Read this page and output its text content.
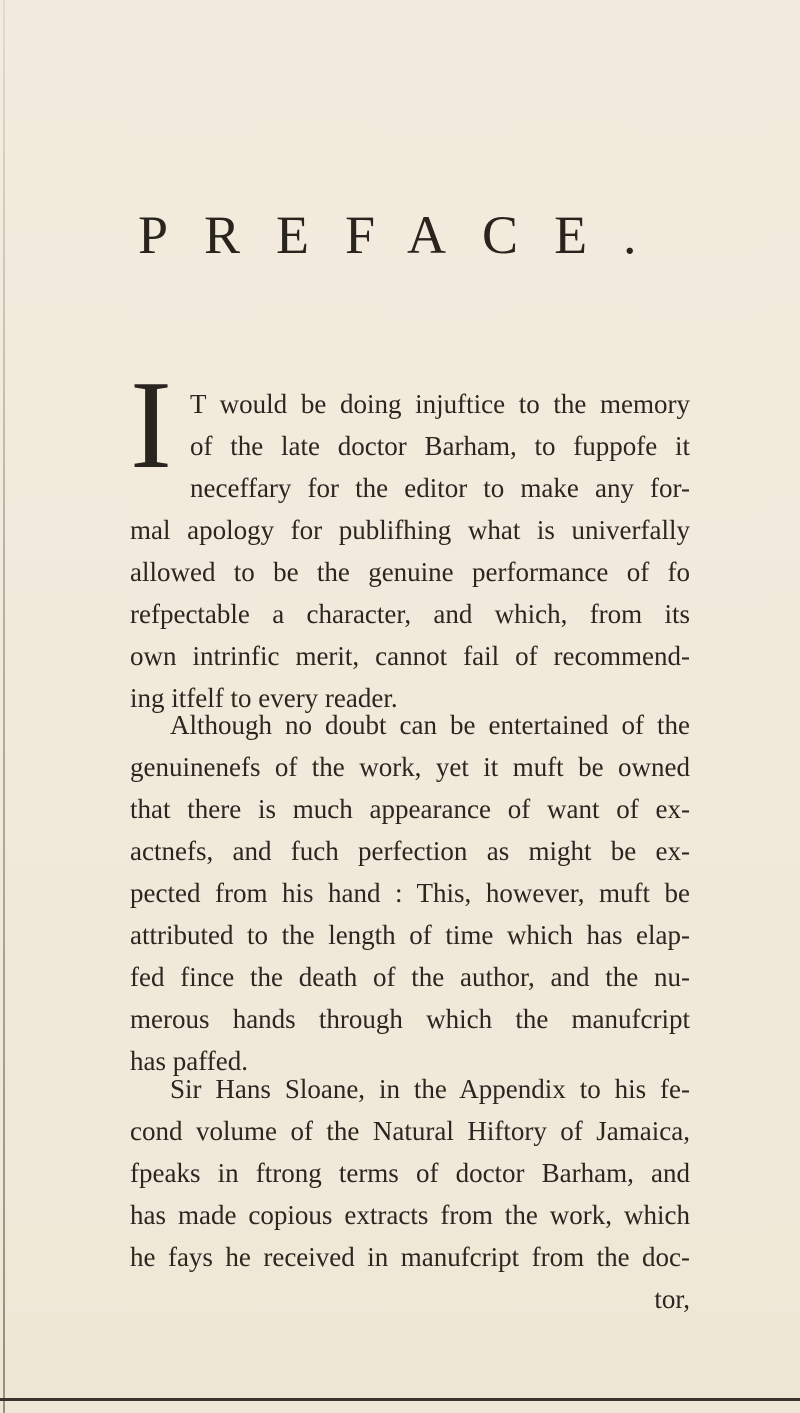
PREFACE.
I T would be doing injuftice to the memory
of the late doctor Barham, to fuppofe it
neceffary for the editor to make any for-
mal apology for publifhing what is univerfally
allowed to be the genuine performance of fo
refpectable a character, and which, from its
own intrinfic merit, cannot fail of recommend-
ing itfelf to every reader.
Although no doubt can be entertained of the
genuinenefs of the work, yet it muft be owned
that there is much appearance of want of ex-
actnefs, and fuch perfection as might be ex-
pected from his hand : This, however, muft be
attributed to the length of time which has elap-
fed fince the death of the author, and the nu-
merous hands through which the manufcript
has paffed.
Sir Hans Sloane, in the Appendix to his fe-
cond volume of the Natural Hiftory of Jamaica,
fpeaks in ftrong terms of doctor Barham, and
has made copious extracts from the work, which
he fays he received in manufcript from the doc-
tor,
